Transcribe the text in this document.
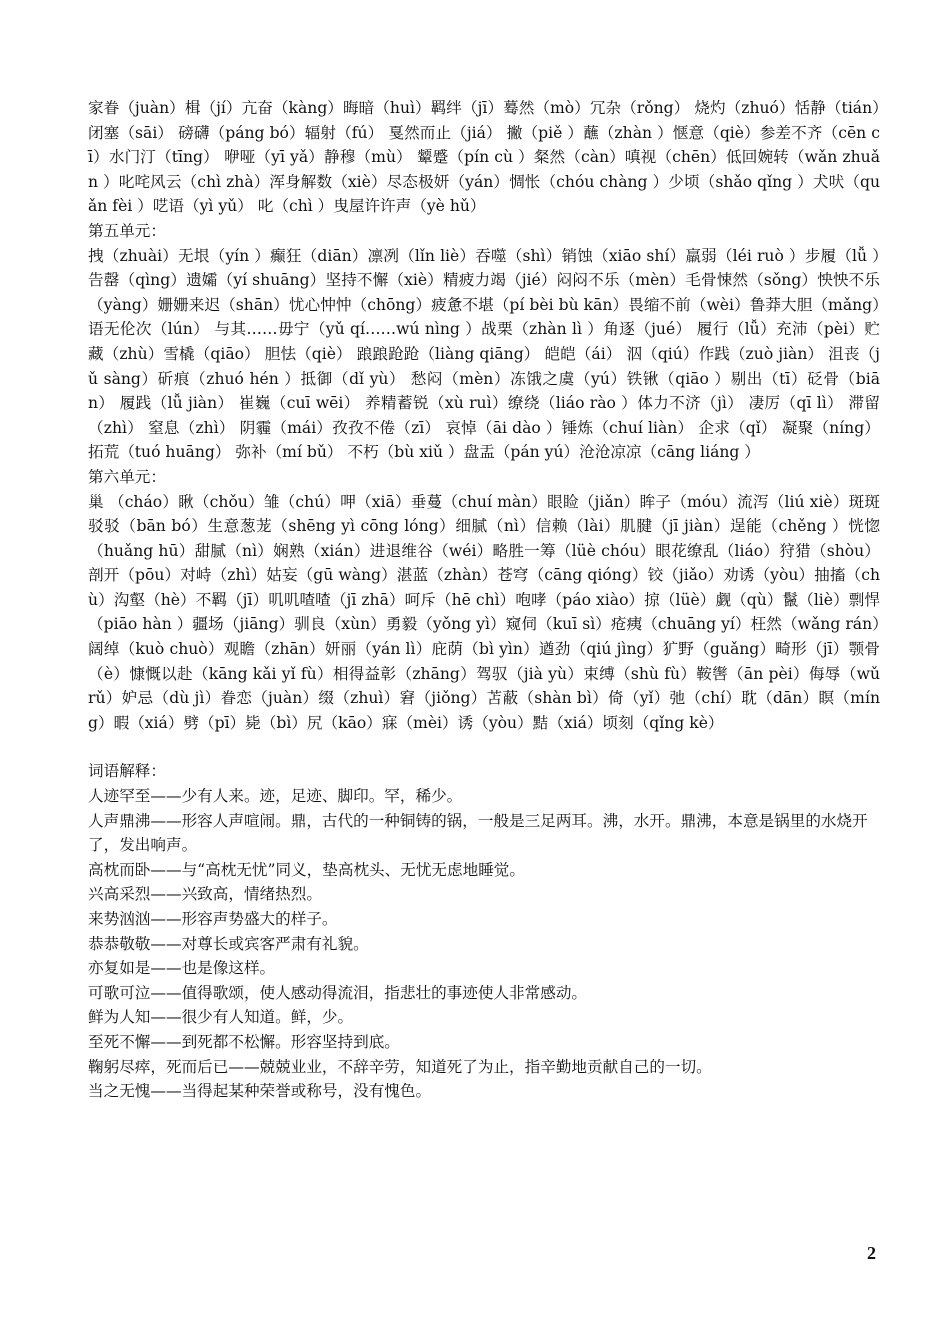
家眷（juàn）楫（jí）亢奋（kàng）晦暗（huì）羁绊（jī）蓦然（mò）冗杂（rǒng） 烧灼（zhuó）恬静（tián）闭塞（sāi） 磅礴（páng bó）辐射（fú） 戛然而止（jiá） 撇（piě ）蘸（zhàn ）惬意（qiè）参差不齐（cēn cī）水门汀（tīng） 咿哑（yī yǎ）静穆（mù） 颦蹙（pín cù ）粲然（càn）嗔视（chēn）低回婉转（wǎn zhuǎn ）叱咤风云（chì zhà）浑身解数（xiè）尽态极妍（yán）惆怅（chóu chàng ）少顷（shǎo qǐng ）犬吠（quǎn fèi ）呓语（yì yǔ） 叱（chì ）曳屋许许声（yè hǔ）

第五单元：

拽（zhuài）无垠（yín ）癫狂（diān）凛冽（lǐn liè）吞噬（shì）销蚀（xiāo shí）羸弱（léi ruò ）步履（lǚ ）告罄（qìng）遗孀（yí shuāng）坚持不懈（xiè）精疲力竭（jié）闷闷不乐（mèn）毛骨悚然（sǒng）怏怏不乐（yàng）姗姗来迟（shān）忧心忡忡（chōng）疲惫不堪（pí bèi bù kān）畏缩不前（wèi）鲁莽大胆（mǎng）语无伦次（lún） 与其……毋宁（yǔ qí……wú nìng ）战栗（zhàn lì ）角逐（jué） 履行（lǚ）充沛（pèi）贮藏（zhù）雪橇（qiāo） 胆怯（qiè） 踉踉跄跄（liàng qiāng） 皑皑（ái） 泅（qiú）作践（zuò jiàn） 沮丧（jǔ sàng）斫痕（zhuó hén ）抵御（dǐ yù） 愁闷（mèn）冻饿之虞（yú）铁锹（qiāo ）剔出（tī）砭骨（biān） 履践（lǚ jiàn） 崔巍（cuī wēi） 养精蓄锐（xù ruì）缭绕（liáo rào ）体力不济（jì） 凄厉（qī lì） 滞留（zhì） 窒息（zhì） 阴霾（mái）孜孜不倦（zī） 哀悼（āi dào ）锤炼（chuí liàn） 企求（qǐ） 凝聚（níng） 拓荒（tuó huāng） 弥补（mí bǔ） 不朽（bù xiǔ ）盘盂（pán yú）沧沧凉凉（cāng liáng ）

第六单元：

巢 （cháo）瞅（chǒu）雏（chú）呷（xiā）垂蔓（chuí màn）眼睑（jiǎn）眸子（móu）流泻（liú xiè）斑斑驳驳（bān bó）生意葱茏（shēng yì cōng lóng）细腻（nì）信赖（lài）肌腱（jī jiàn）逞能（chěng ）恍惚（huǎng hū）甜腻（nì）娴熟（xián）进退维谷（wéi）略胜一筹（lüè chóu）眼花缭乱（liáo）狩猎（shòu）剖开（pōu）对峙（zhì）姑妄（gū wàng）湛蓝（zhàn）苍穹（cāng qióng）铰（jiǎo）劝诱（yòu）抽搐（chù）沟壑（hè）不羁（jī）叽叽喳喳（jī zhā）呵斥（hē chì）咆哮（páo xiào）掠（lüè）觑（qù）鬣（liè）剽悍（piāo hàn ）疆场（jiāng）驯良（xùn）勇毅（yǒng yì）窥伺（kuī sì）疮痍（chuāng yí）枉然（wǎng rán）阔绰（kuò chuò）观瞻（zhān）妍丽（yán lì）庇荫（bì yìn）遒劲（qiú jìng）犷野（guǎng）畸形（jī）颚骨（è）慷慨以赴（kāng kǎi yǐ fù）相得益彰（zhāng）驾驭（jià yù）束缚（shù fù）鞍辔（ān pèi）侮辱（wǔ rǔ）妒忌（dù jì）眷恋（juàn）缀（zhuì）窘（jiǒng）苫蔽（shàn bì）倚（yǐ）弛（chí）耽（dān）瞑（míng）暇（xiá）劈（pī）毙（bì）尻（kāo）寐（mèi）诱（yòu）黠（xiá）顷刻（qǐng kè）

词语解释：

人迹罕至——少有人来。迹，足迹、脚印。罕，稀少。

人声鼎沸——形容人声喧闹。鼎，古代的一种铜铸的锅，一般是三足两耳。沸，水开。鼎沸，本意是锅里的水烧开了，发出响声。

高枕而卧——与“高枕无忧”同义，垫高枕头、无忧无虑地睡觉。

兴高采烈——兴致高，情绪热烈。

来势汹汹——形容声势盛大的样子。

恭恭敬敬——对尊长或宾客严肃有礼貌。

亦复如是——也是像这样。

可歌可泣——值得歌颂，使人感动得流泪，指悲壮的事迹使人非常感动。

鲜为人知——很少有人知道。鲜，少。

至死不懈——到死都不松懈。形容坚持到底。

鞠躬尽瘁，死而后已——兢兢业业，不辞辛劳，知道死了为止，指辛勤地贡献自己的一切。

当之无愧——当得起某种荣誉或称号，没有愧色。

2
